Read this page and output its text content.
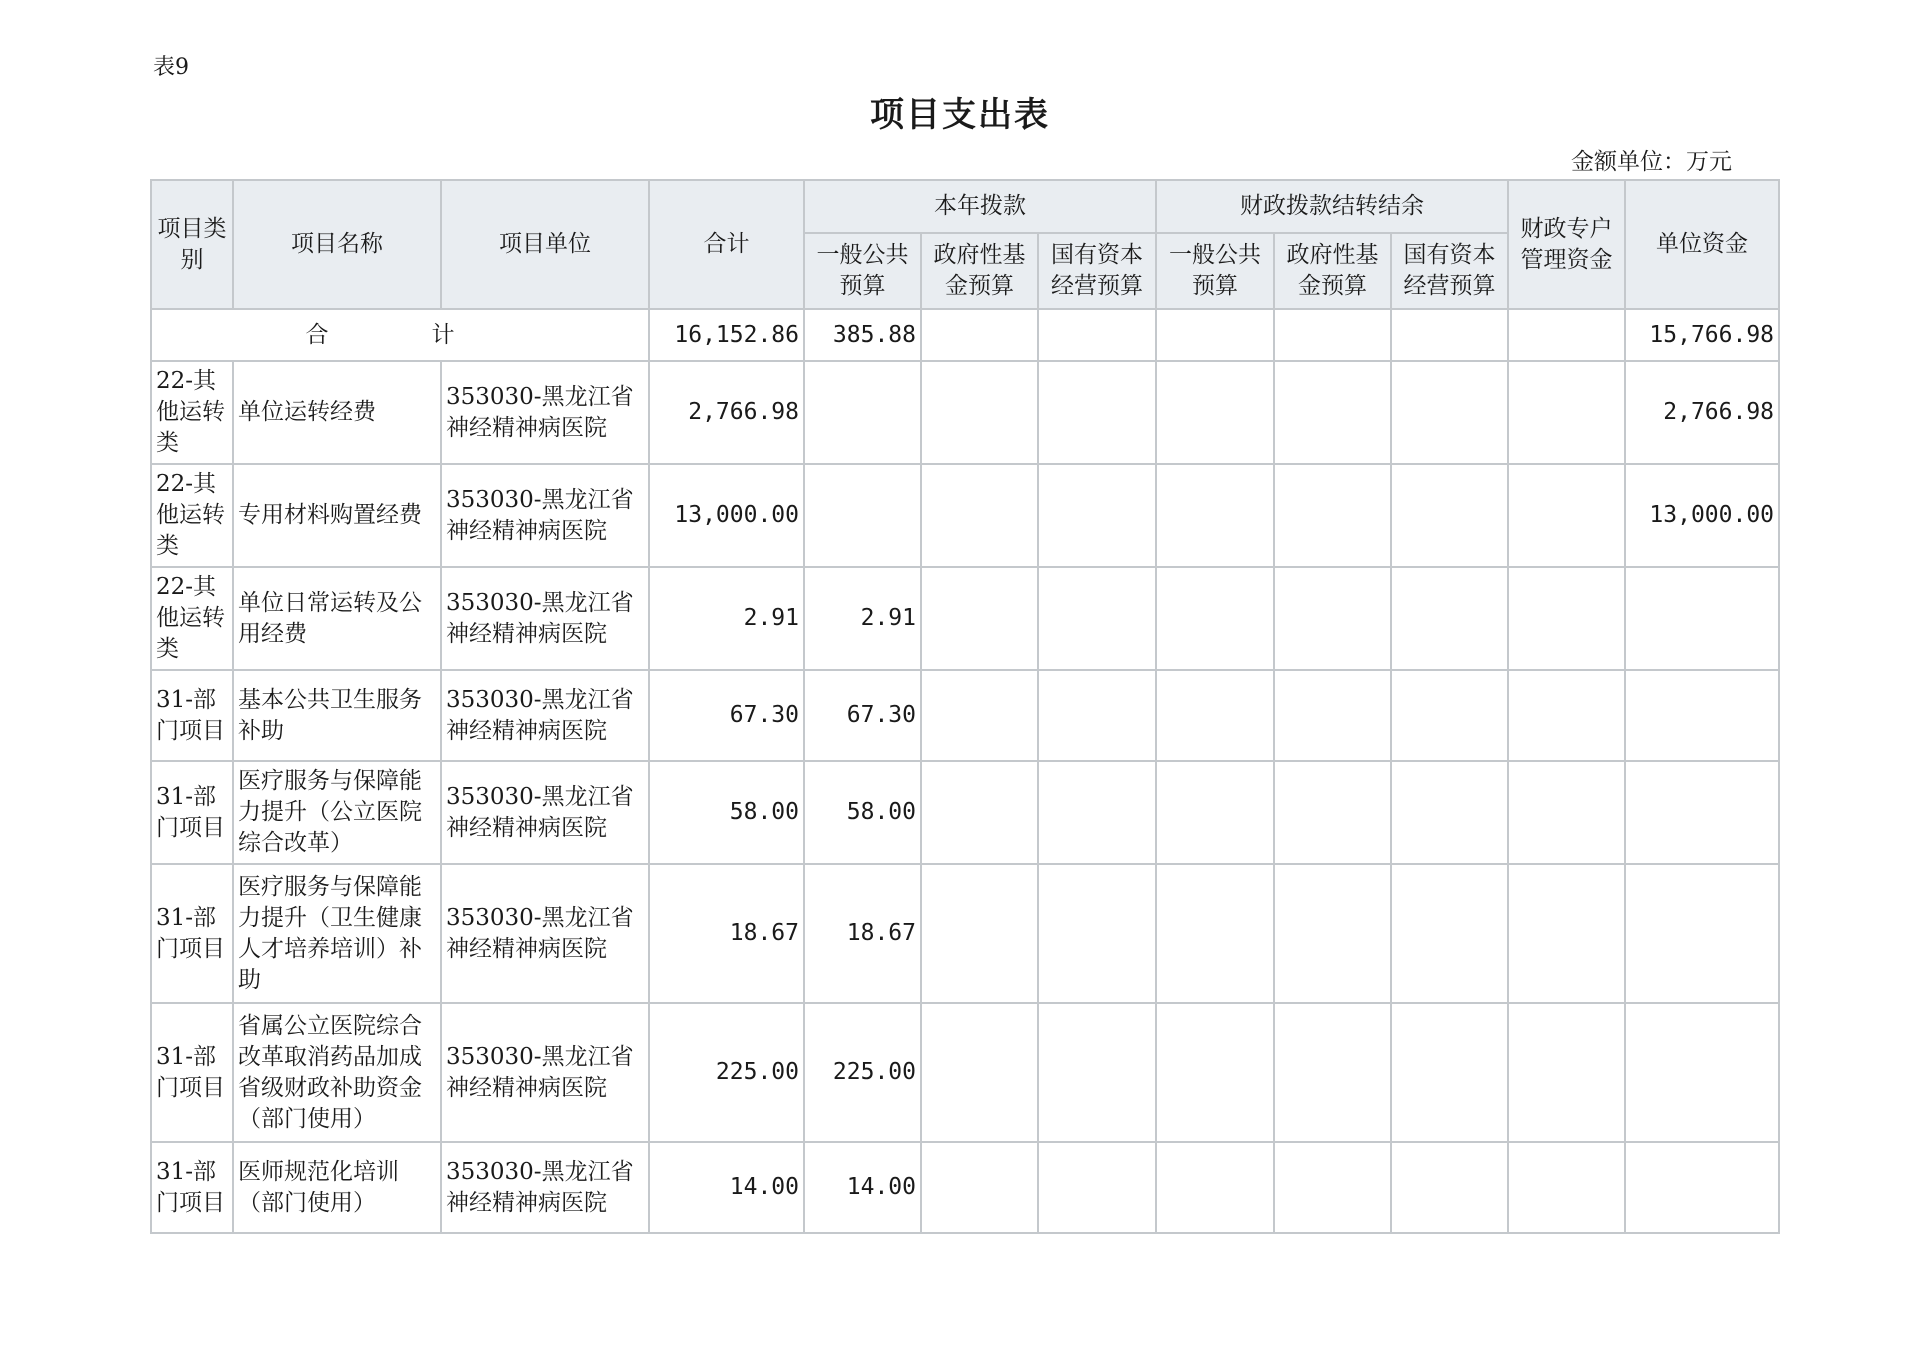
表9
项目支出表
金额单位：万元
项目类别	项目名称	项目单位	合计	本年拨款			财政拨款结转结余			财政专户管理资金	单位资金
				一般公共预算	政府性基金预算	国有资本经营预算	一般公共预算	政府性基金预算	国有资本经营预算		
合　计			16,152.86	385.88							15,766.98

22-其他运转类	单位运转经费	353030-黑龙江省神经精神病医院	2,766.98								2,766.98

22-其他运转类	专用材料购置经费	353030-黑龙江省神经精神病医院	13,000.00								13,000.00

22-其他运转类	单位日常运转及公用经费	353030-黑龙江省神经精神病医院	2.91	2.91							

31-部门项目	基本公共卫生服务补助	353030-黑龙江省神经精神病医院	67.30	67.30							

31-部门项目	医疗服务与保障能力提升（公立医院综合改革）	353030-黑龙江省神经精神病医院	58.00	58.00							

31-部门项目	医疗服务与保障能力提升（卫生健康人才培养培训）补助	353030-黑龙江省神经精神病医院	18.67	18.67							

31-部门项目	省属公立医院综合改革取消药品加成省级财政补助资金（部门使用）	353030-黑龙江省神经精神病医院	225.00	225.00							

31-部门项目	医师规范化培训（部门使用）	353030-黑龙江省神经精神病医院	14.00	14.00							
